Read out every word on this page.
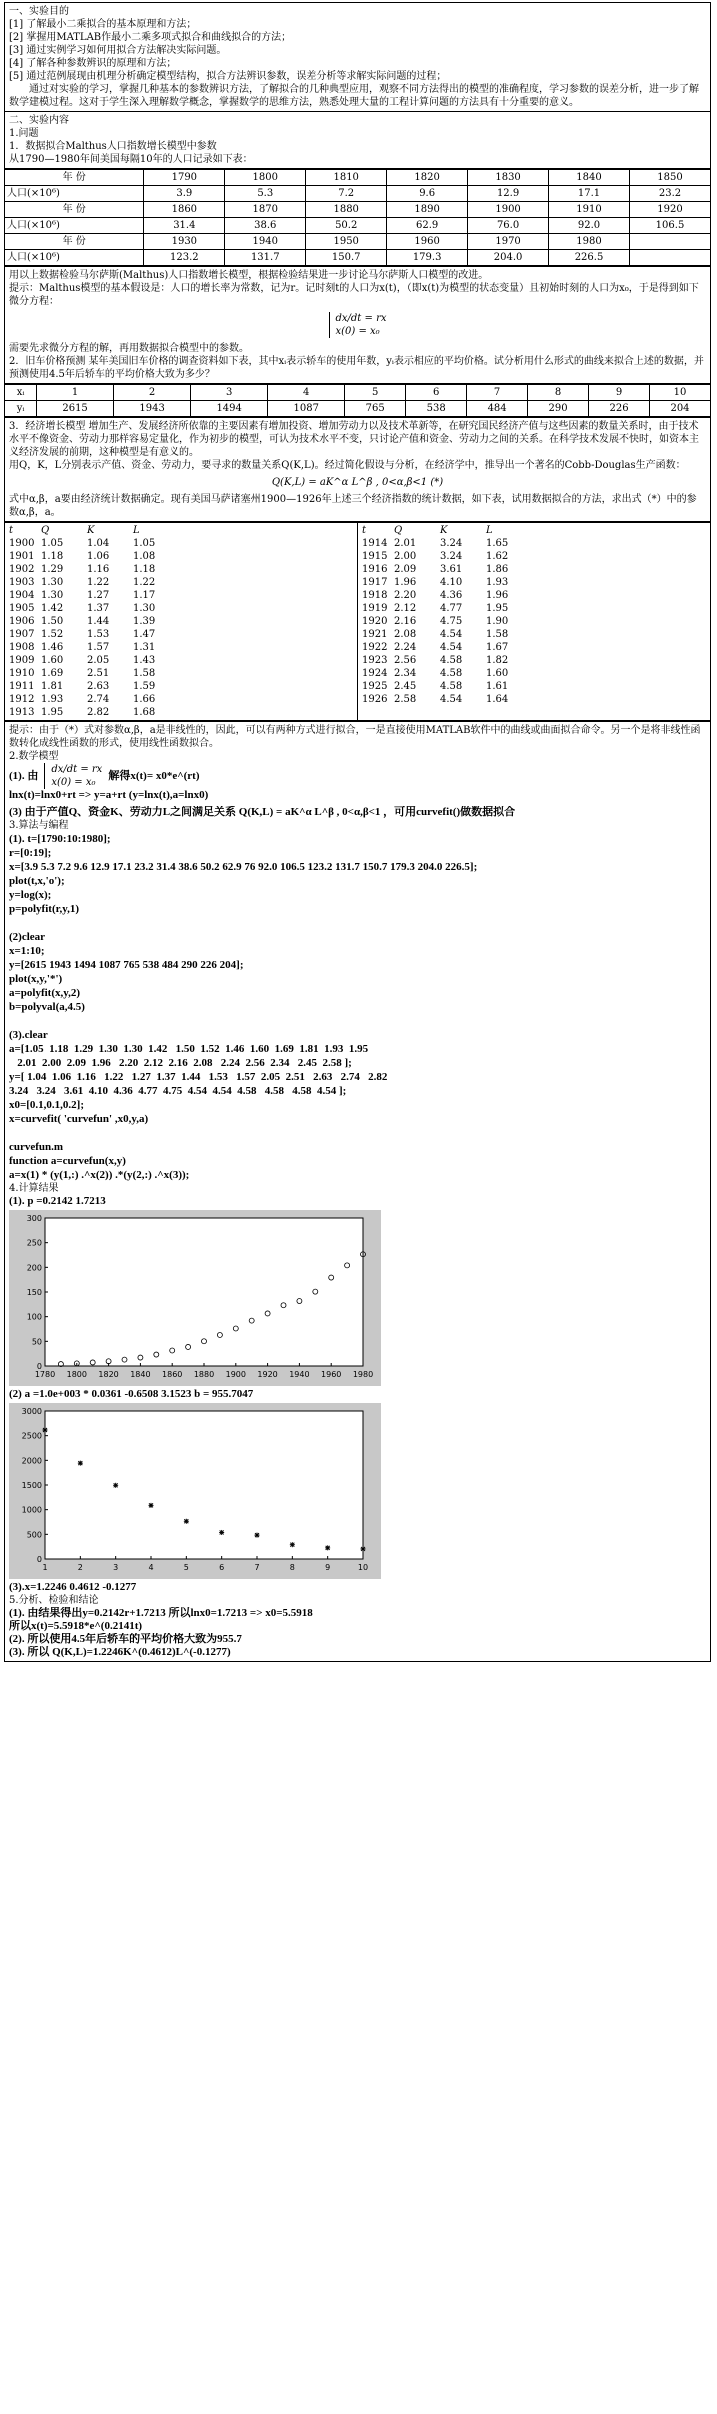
一、实验目的
[1] 了解最小二乘拟合的基本原理和方法；
[2] 掌握用MATLAB作最小二乘多项式拟合和曲线拟合的方法；
[3] 通过实例学习如何用拟合方法解决实际问题。
[4] 了解各种参数辨识的原理和方法；
[5] 通过范例展现由机理分析确定模型结构，拟合方法辨识参数，误差分析等求解实际问题的过程；
通过对实验的学习，掌握几种基本的参数辨识方法，了解拟合的几种典型应用，观察不同方法得出的模型的准确程度，学习参数的误差分析，进一步了解数学建模过程。这对于学生深入理解数学概念，掌握数学的思维方法，熟悉处理大量的工程计算问题的方法具有十分重要的意义。
二、实验内容
1.问题
1．数据拟合Malthus人口指数增长模型中参数
从1790—1980年间美国每隔10年的人口记录如下表：
年 份	1790	1800	1810	1820	1830	1840	1850
人口(×10⁶)	3.9	5.3	7.2	9.6	12.9	17.1	23.2
年 份	1860	1870	1880	1890	1900	1910	1920
人口(×10⁶)	31.4	38.6	50.2	62.9	76.0	92.0	106.5
年 份	1930	1940	1950	1960	1970	1980	
人口(×10⁶)	123.2	131.7	150.7	179.3	204.0	226.5	
用以上数据检验马尔萨斯(Malthus)人口指数增长模型，根据检验结果进一步讨论马尔萨斯人口模型的改进。
提示：Malthus模型的基本假设是：人口的增长率为常数，记为r。记时刻t的人口为x(t)，（即x(t)为模型的状态变量）且初始时刻的人口为x₀，于是得到如下微分方程：
dx/dt = rx
x(0) = x₀
需要先求微分方程的解，再用数据拟合模型中的参数。
2．旧车价格预测 某年美国旧车价格的调查资料如下表，其中xᵢ表示轿车的使用年数，yᵢ表示相应的平均价格。试分析用什么形式的曲线来拟合上述的数据，并预测使用4.5年后轿车的平均价格大致为多少？
xᵢ	1	2	3	4	5	6	7	8	9	10
yᵢ	2615	1943	1494	1087	765	538	484	290	226	204
3．经济增长模型 增加生产、发展经济所依靠的主要因素有增加投资、增加劳动力以及技术革新等，在研究国民经济产值与这些因素的数量关系时，由于技术水平不像资金、劳动力那样容易定量化，作为初步的模型，可认为技术水平不变，只讨论产值和资金、劳动力之间的关系。在科学技术发展不快时，如资本主义经济发展的前期，这种模型是有意义的。
用Q，K，L分别表示产值、资金、劳动力，要寻求的数量关系Q(K,L)。经过简化假设与分析，在经济学中，推导出一个著名的Cobb-Douglas生产函数：
Q(K,L) = aK^α L^β , 0<α,β<1 (*)
式中α,β，a要由经济统计数据确定。现有美国马萨诸塞州1900—1926年上述三个经济指数的统计数据，如下表，试用数据拟合的方法，求出式（*）中的参数α,β，a。
t	Q	K	L
1900 1.05	1.04	1.05
1901 1.18	1.06	1.08
1902 1.29	1.16	1.18
1903 1.30	1.22	1.22
1904 1.30	1.27	1.17
1905 1.42	1.37	1.30
1906 1.50	1.44	1.39
1907 1.52	1.53	1.47
1908 1.46	1.57	1.31
1909 1.60	2.05	1.43
1910 1.69	2.51	1.58
1911 1.81	2.63	1.59
1912 1.93	2.74	1.66
1913 1.95	2.82	1.68
t	Q	K	L
1914 2.01	3.24	1.65
1915 2.00	3.24	1.62
1916 2.09	3.61	1.86
1917 1.96	4.10	1.93
1918 2.20	4.36	1.96
1919 2.12	4.77	1.95
1920 2.16	4.75	1.90
1921 2.08	4.54	1.58
1922 2.24	4.54	1.67
1923 2.56	4.58	1.82
1924 2.34	4.58	1.60
1925 2.45	4.58	1.61
1926 2.58	4.54	1.64
提示：由于（*）式对参数α,β，a是非线性的，因此，可以有两种方式进行拟合，一是直接使用MATLAB软件中的曲线或曲面拟合命令。另一个是将非线性函数转化成线性函数的形式，使用线性函数拟合。
2.数学模型
(1). 由 dx/dt = rx
x(0) = x₀
解得x(t)= x0*e^(rt)
lnx(t)=lnx0+rt => y=a+rt (y=lnx(t),a=lnx0)
(3) 由于产值Q、资金K、劳动力L之间满足关系 Q(K,L) = aK^α L^β , 0<α,β<1 ，可用curvefit()做数据拟合
3.算法与编程
(1). t=[1790:10:1980];
r=[0:19];
x=[3.9 5.3 7.2 9.6 12.9 17.1 23.2 31.4 38.6 50.2 62.9 76 92.0 106.5 123.2 131.7 150.7 179.3 204.0 226.5];
plot(t,x,'o');
y=log(x);
p=polyfit(r,y,1)

(2)clear
x=1:10;
y=[2615 1943 1494 1087 765 538 484 290 226 204];
plot(x,y,'*')
a=polyfit(x,y,2)
b=polyval(a,4.5)

(3).clear
a=[1.05  1.18  1.29  1.30  1.30  1.42   1.50  1.52  1.46  1.60  1.69  1.81  1.93  1.95
2.01  2.00  2.09  1.96   2.20  2.12  2.16  2.08   2.24  2.56  2.34   2.45  2.58 ];
y=[ 1.04  1.06  1.16   1.22   1.27  1.37  1.44   1.53   1.57  2.05  2.51   2.63   2.74   2.82
3.24   3.24   3.61  4.10  4.36  4.77  4.75  4.54  4.54  4.58   4.58   4.58  4.54 ];
x0=[0.1,0.1,0.2];
x=curvefit( 'curvefun' ,x0,y,a)

curvefun.m
function a=curvefun(x,y)
a=x(1) * (y(1,:) .^x(2)) .*(y(2,:) .^x(3));
4.计算结果
(1). p =0.2142 1.7213
1780 1800 1820 1840 1860 1880 1900 1920 1940 1960 1980
0
50
100
150
200
250
300
(2) a =1.0e+003 * 0.0361 -0.6508 3.1523 b = 955.7047
1	2	3	4	5	6	7	8	9	10
0
500
1000
1500
2000
2500
3000
(3).x=1.2246 0.4612 -0.1277
5.分析、检验和结论
(1). 由结果得出y=0.2142r+1.7213 所以lnx0=1.7213 => x0=5.5918
所以x(t)=5.5918*e^(0.2141t)
(2). 所以使用4.5年后轿车的平均价格大致为955.7
(3). 所以 Q(K,L)=1.2246K^(0.4612)L^(-0.1277)
